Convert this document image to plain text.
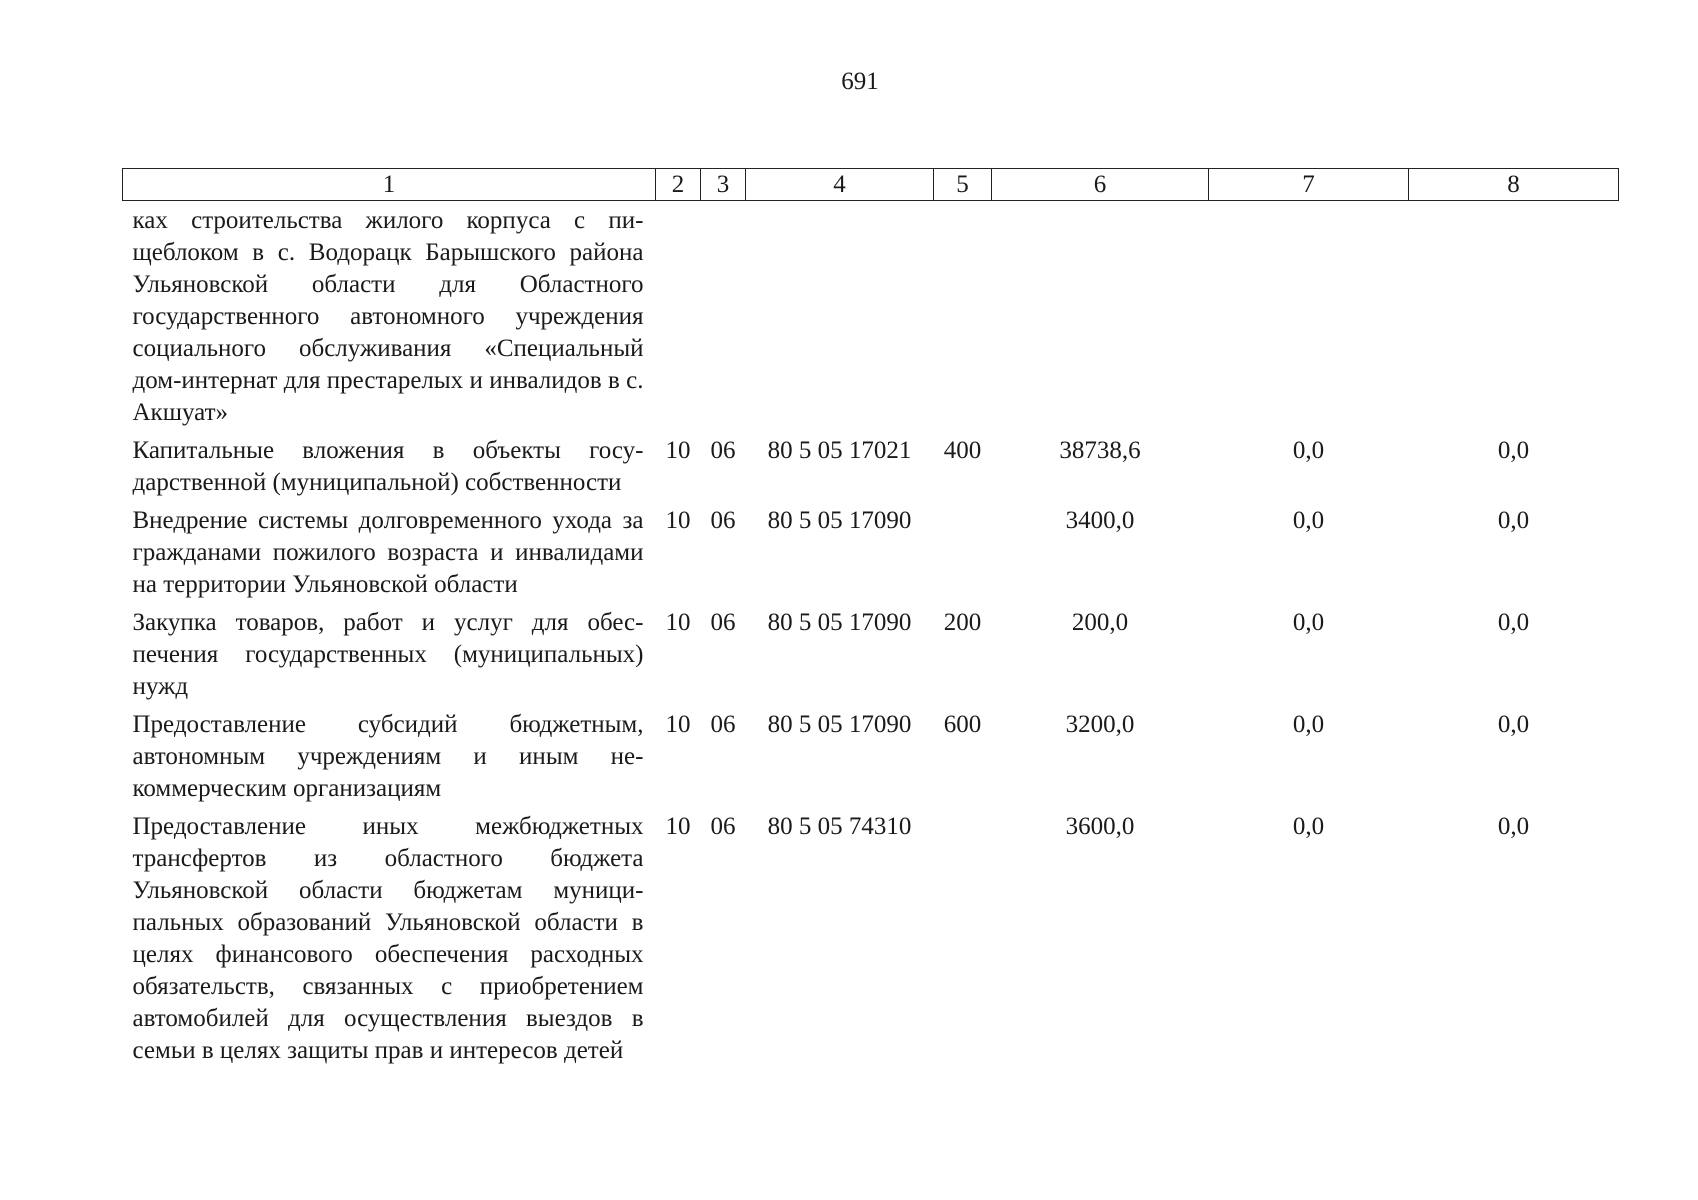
691
1	2	3	4	5	6	7	8
ках строительства жилого корпуса с пищеблоком в с. Водорацк Барышского района Ульяновской области для Областного государственного автономного учреждения социального обслуживания «Специальный дом-интернат для престарелых и инвалидов в с. Акшуат»							
Капитальные вложения в объекты государственной (муниципальной) собственности	10	06	80 5 05 17021	400	38738,6	0,0	0,0
Внедрение системы долговременного ухода за гражданами пожилого возраста и инвалидами на территории Ульяновской области	10	06	80 5 05 17090		3400,0	0,0	0,0
Закупка товаров, работ и услуг для обеспечения государственных (муниципальных) нужд	10	06	80 5 05 17090	200	200,0	0,0	0,0
Предоставление субсидий бюджетным, автономным учреждениям и иным некоммерческим организациям	10	06	80 5 05 17090	600	3200,0	0,0	0,0
Предоставление иных межбюджетных трансфертов из областного бюджета Ульяновской области бюджетам муниципальных образований Ульяновской области в целях финансового обеспечения расходных обязательств, связанных с приобретением автомобилей для осуществления выездов в семьи в целях защиты прав и интересов детей	10	06	80 5 05 74310		3600,0	0,0	0,0
